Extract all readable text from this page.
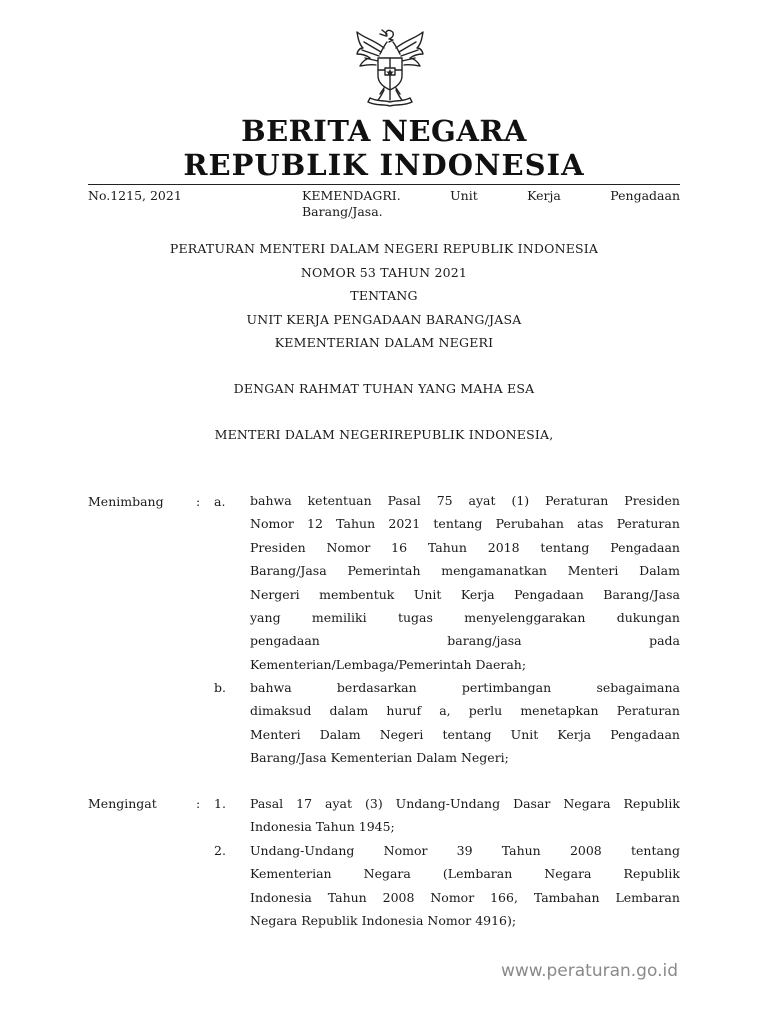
BERITA NEGARA
REPUBLIK INDONESIA
No.1215, 2021	KEMENDAGRI.	Unit	Kerja	Pengadaan
Barang/Jasa.
PERATURAN MENTERI DALAM NEGERI REPUBLIK INDONESIA
NOMOR 53 TAHUN 2021
TENTANG
UNIT KERJA PENGADAAN BARANG/JASA
KEMENTERIAN DALAM NEGERI
DENGAN RAHMAT TUHAN YANG MAHA ESA
MENTERI DALAM NEGERIREPUBLIK INDONESIA,
Menimbang	: a. bahwa ketentuan Pasal 75 ayat (1) Peraturan Presiden
Nomor 12 Tahun 2021 tentang Perubahan atas Peraturan
Presiden Nomor 16 Tahun 2018 tentang Pengadaan
Barang/Jasa Pemerintah mengamanatkan Menteri Dalam
Nergeri membentuk Unit Kerja Pengadaan Barang/Jasa
yang	memiliki	tugas	menyelenggarakan	dukungan
pengadaan	barang/jasa	pada
Kementerian/Lembaga/Pemerintah Daerah;
b. bahwa	berdasarkan	pertimbangan	sebagaimana
dimaksud dalam huruf a, perlu menetapkan Peraturan
Menteri Dalam Negeri tentang Unit Kerja Pengadaan
Barang/Jasa Kementerian Dalam Negeri;
Mengingat	: 1. Pasal 17 ayat (3) Undang-Undang Dasar Negara Republik
Indonesia Tahun 1945;
2. Undang-Undang Nomor 39 Tahun 2008 tentang
Kementerian	Negara	(Lembaran	Negara	Republik
Indonesia Tahun 2008 Nomor 166, Tambahan Lembaran
Negara Republik Indonesia Nomor 4916);
www.peraturan.go.id
